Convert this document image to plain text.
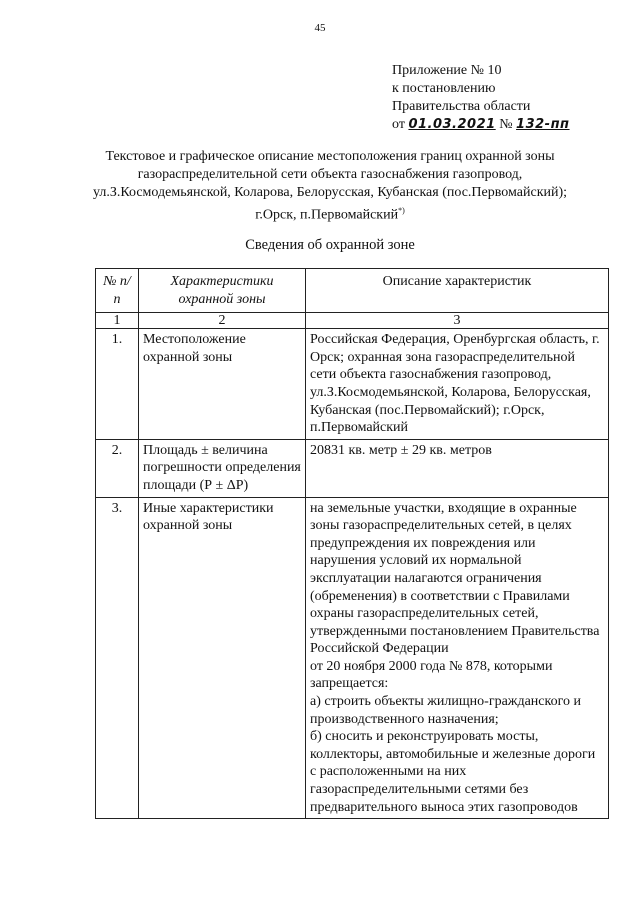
45
Приложение № 10
к постановлению
Правительства области
от 01.03.2021 № 132-пп
Текстовое и графическое описание местоположения границ охранной зоны газораспределительной сети объекта газоснабжения газопровод, ул.З.Космодемьянской, Коларова, Белорусская, Кубанская (пос.Первомайский); г.Орск, п.Первомайский*)
Сведения об охранной зоне
№ п/п	Характеристики охранной зоны	Описание характеристик
1	2	3
1.	Местоположение охранной зоны	Российская Федерация, Оренбургская область, г. Орск; охранная зона газораспределительной сети объекта газоснабжения газопровод, ул.З.Космодемьянской, Коларова, Белорусская, Кубанская (пос.Первомайский); г.Орск, п.Первомайский
2.	Площадь ± величина погрешности определения площади (Р ± ΔР)	20831 кв. метр ± 29 кв. метров
3.	Иные характеристики охранной зоны	на земельные участки, входящие в охранные зоны газораспределительных сетей, в целях предупреждения их повреждения или нарушения условий их нормальной эксплуатации налагаются ограничения (обременения) в соответствии с Правилами охраны газораспределительных сетей, утвержденными постановлением Правительства Российской Федерации
от 20 ноября 2000 года № 878, которыми запрещается:
а) строить объекты жилищно-гражданского и производственного назначения;
б) сносить и реконструировать мосты, коллекторы, автомобильные и железные дороги с расположенными на них газораспределительными сетями без предварительного выноса этих газопроводов
